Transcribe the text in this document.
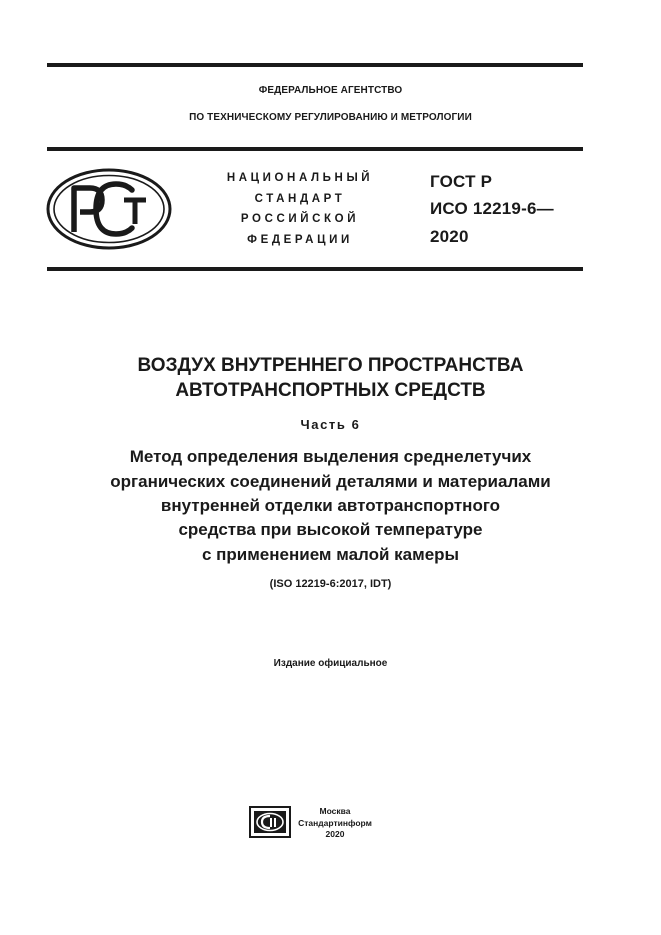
ФЕДЕРАЛЬНОЕ АГЕНТСТВО
ПО ТЕХНИЧЕСКОМУ РЕГУЛИРОВАНИЮ И МЕТРОЛОГИИ
НАЦИОНАЛЬНЫЙ
СТАНДАРТ
РОССИЙСКОЙ
ФЕДЕРАЦИИ
ГОСТ Р
ИСО 12219-6—
2020
ВОЗДУХ ВНУТРЕННЕГО ПРОСТРАНСТВА
АВТОТРАНСПОРТНЫХ СРЕДСТВ
Часть 6
Метод определения выделения среднелетучих
органических соединений деталями и материалами
внутренней отделки автотранспортного
средства при высокой температуре
с применением малой камеры
(ISO 12219-6:2017, IDT)
Издание официальное
Москва
Стандартинформ
2020
